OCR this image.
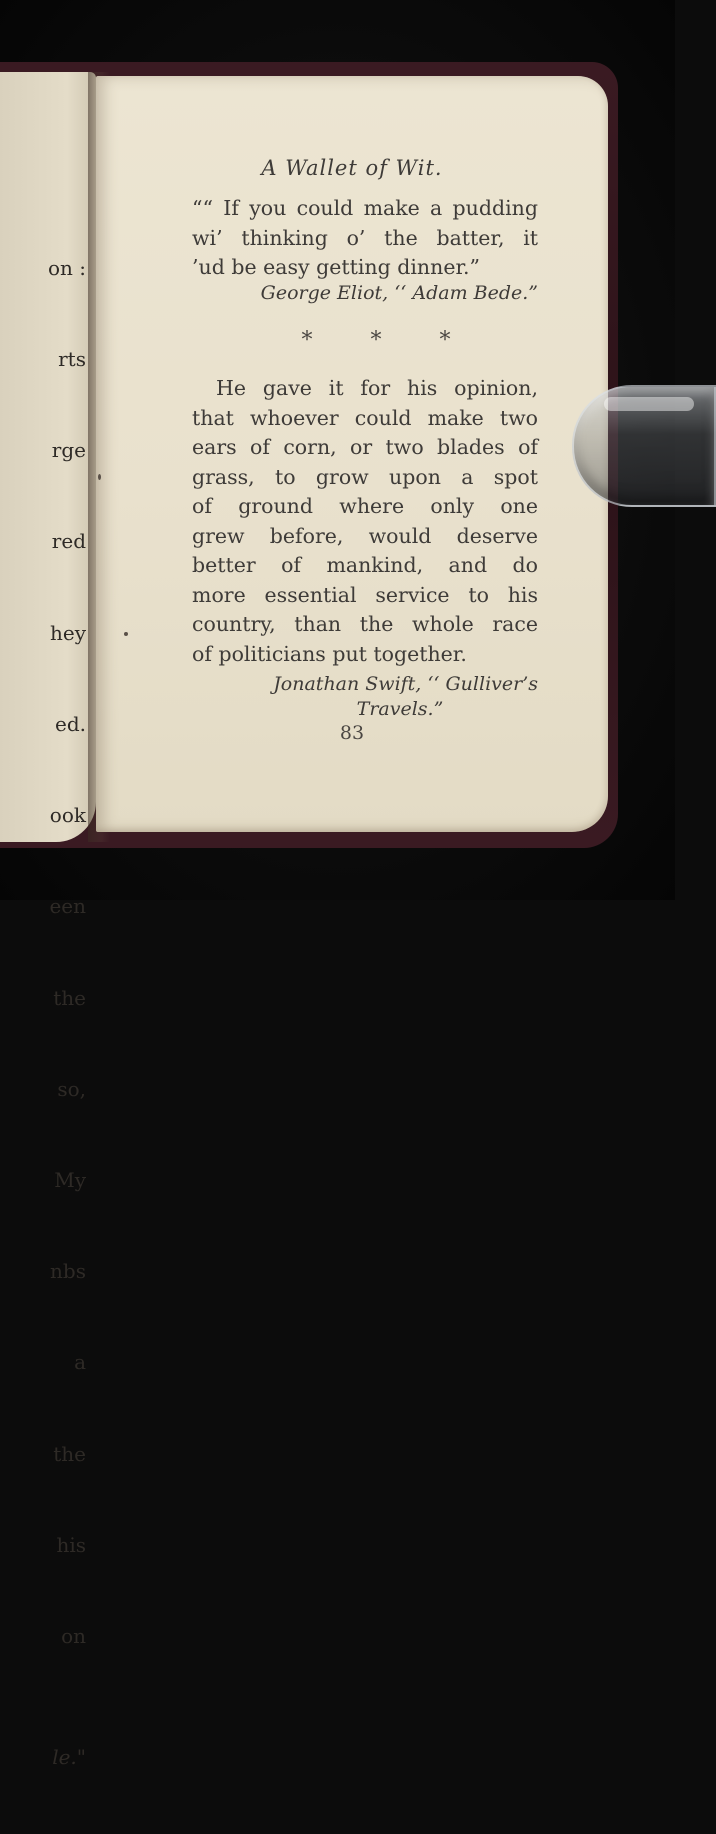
on :

rts

rge

red

hey

ed.

ook

een

the

so,

My

nbs

a

the

his

on

le."

A Wallet of Wit.
““ If you could make a pudding
wi’ thinking o’ the batter, it
’ud be easy getting dinner.”
George Eliot, ‘‘ Adam Bede.”
*	*	*
He gave it for his opinion,
that whoever could make two
ears of corn, or two blades of
grass, to grow upon a spot
of ground where only one
grew before, would deserve
better of mankind, and do
more essential service to his
country, than the whole race
of politicians put together.
Jonathan Swift, ‘‘ Gulliver’s
Travels.”
83
